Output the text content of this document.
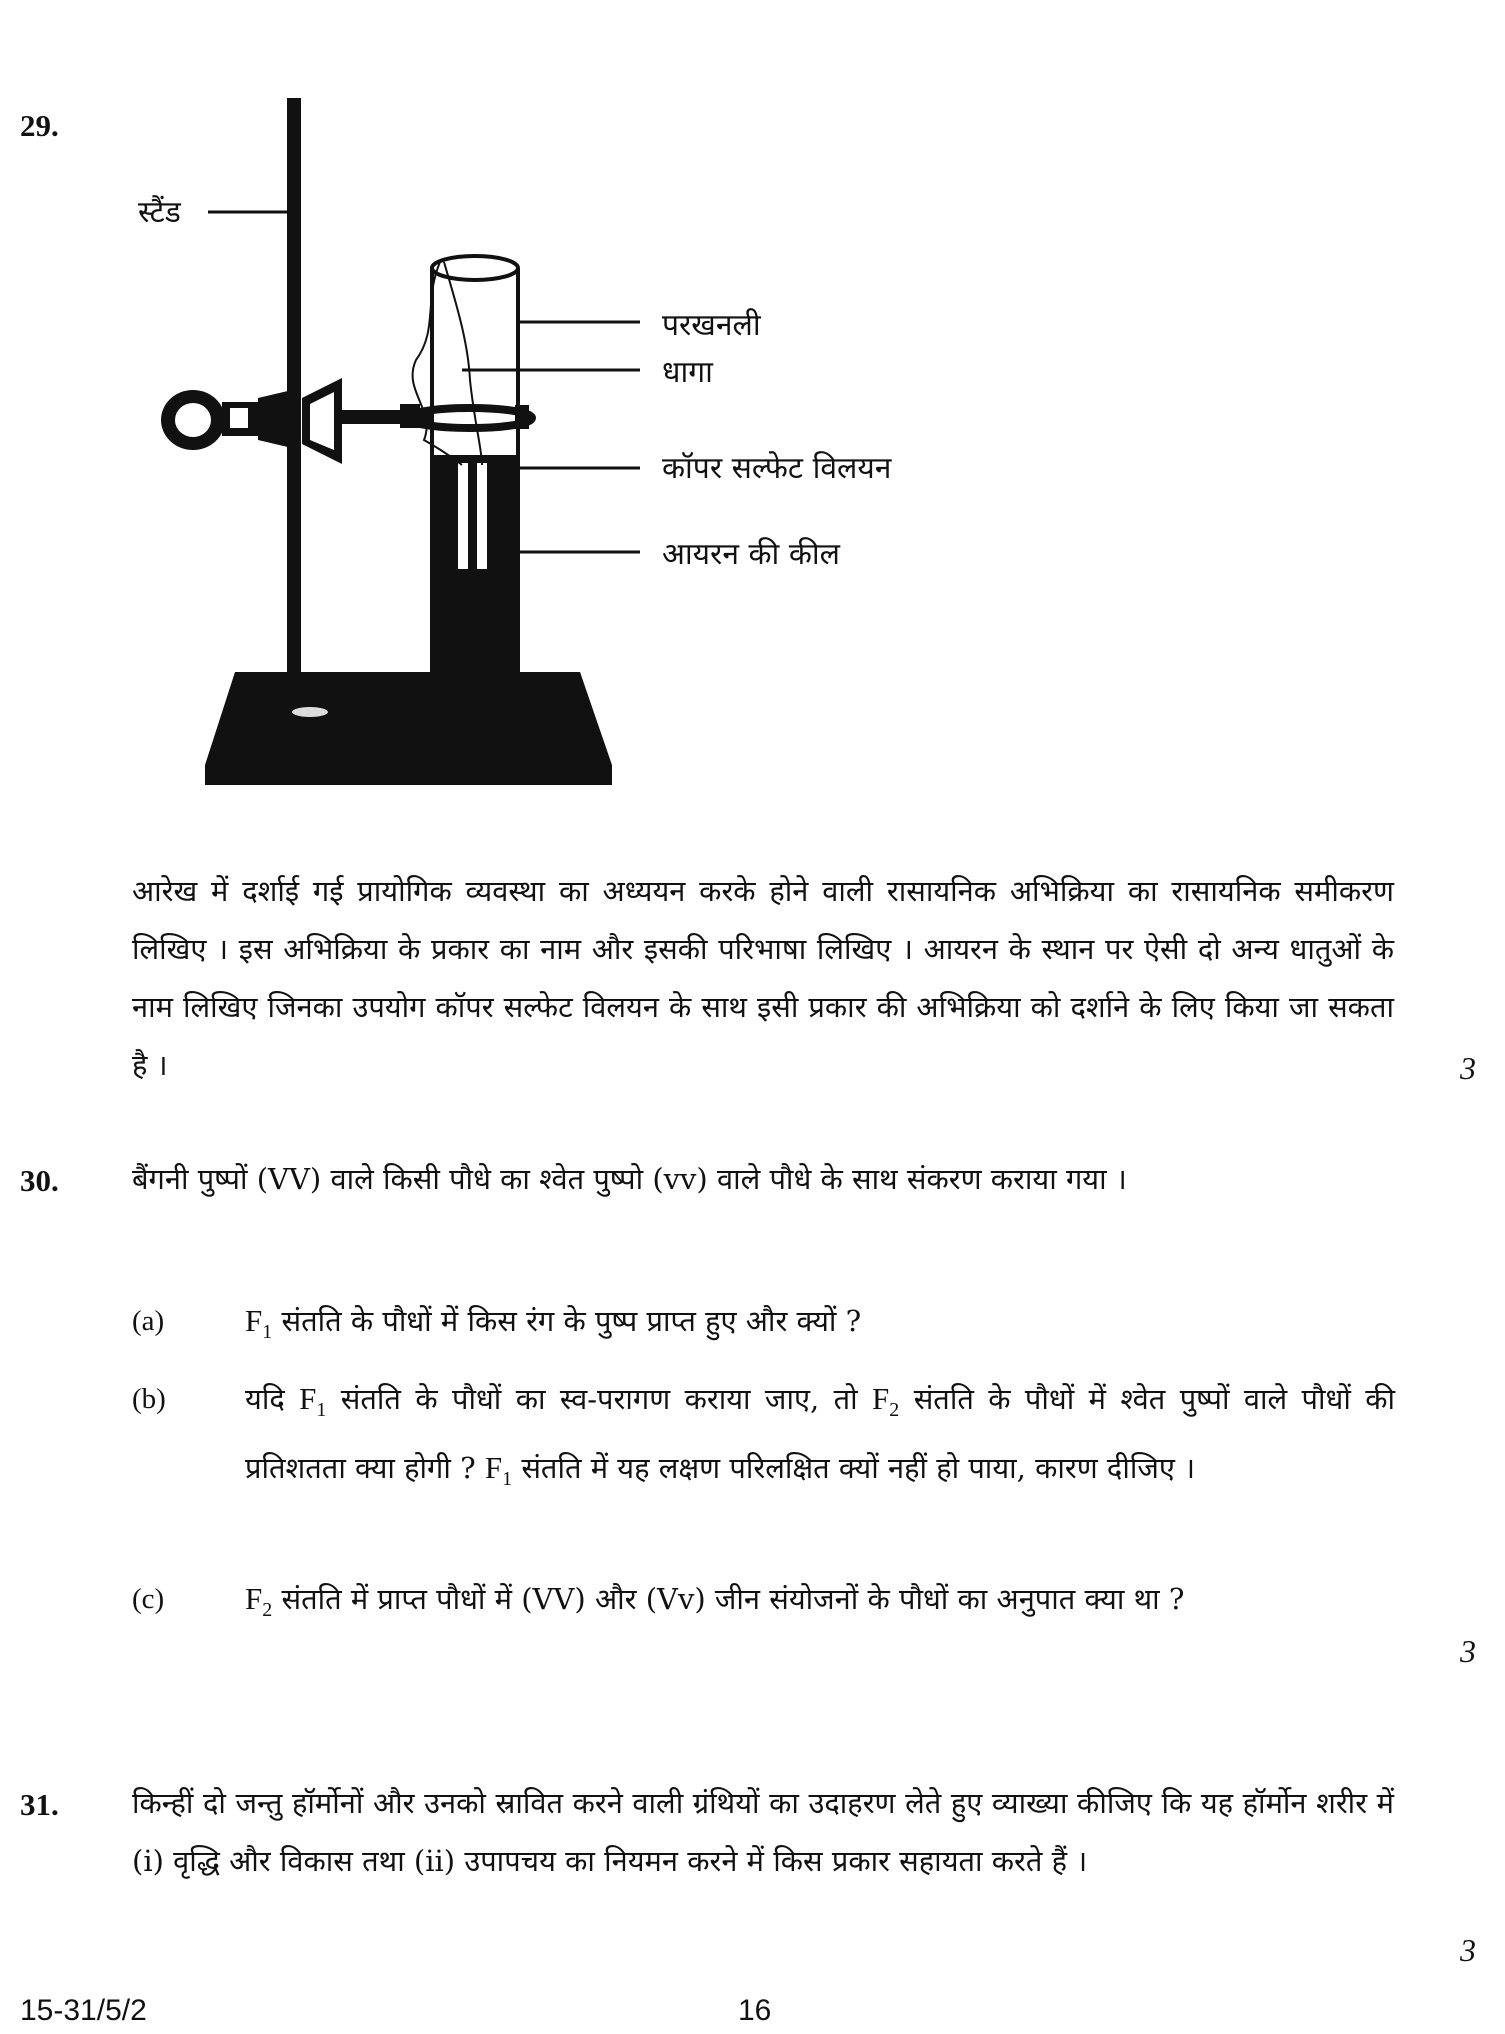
29.
स्टैंड
परखनली
धागा
कॉपर सल्फेट विलयन
आयरन की कील
आरेख में दर्शाई गई प्रायोगिक व्यवस्था का अध्ययन करके होने वाली रासायनिक अभिक्रिया का रासायनिक समीकरण लिखिए । इस अभिक्रिया के प्रकार का नाम और इसकी परिभाषा लिखिए । आयरन के स्थान पर ऐसी दो अन्य धातुओं के नाम लिखिए जिनका उपयोग कॉपर सल्फेट विलयन के साथ इसी प्रकार की अभिक्रिया को दर्शाने के लिए किया जा सकता है ।	3
30.	बैंगनी पुष्पों (VV) वाले किसी पौधे का श्वेत पुष्पो (vv) वाले पौधे के साथ संकरण कराया गया ।
(a)	$F_1$ संतति के पौधों में किस रंग के पुष्प प्राप्त हुए और क्यों ?
(b)	यदि $F_1$ संतति के पौधों का स्व-परागण कराया जाए, तो $F_2$ संतति के पौधों में श्वेत पुष्पों वाले पौधों की प्रतिशतता क्या होगी ? $F_1$ संतति में यह लक्षण परिलक्षित क्यों नहीं हो पाया, कारण दीजिए ।
(c)	$F_2$ संतति में प्राप्त पौधों में (VV) और (Vv) जीन संयोजनों के पौधों का अनुपात क्या था ?
3
31.	किन्हीं दो जन्तु हॉर्मोनों और उनको स्रावित करने वाली ग्रंथियों का उदाहरण लेते हुए व्याख्या कीजिए कि यह हॉर्मोन शरीर में (i) वृद्धि और विकास तथा (ii) उपापचय का नियमन करने में किस प्रकार सहायता करते हैं ।
3
15-31/5/2	16
